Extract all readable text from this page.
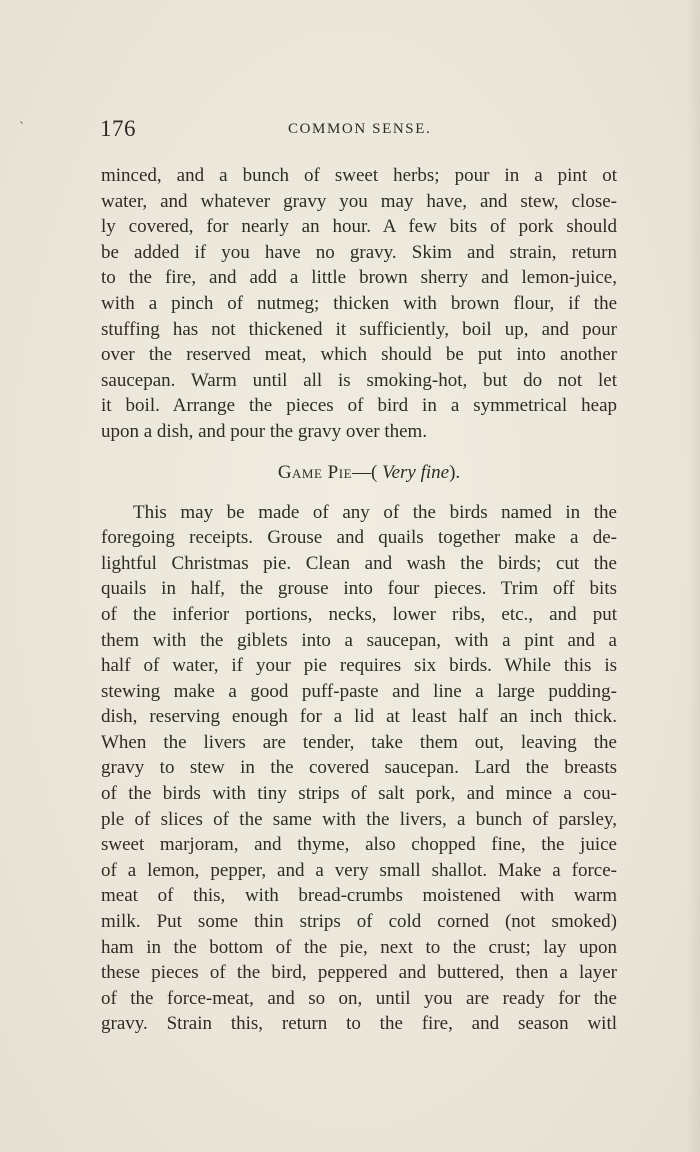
176	COMMON SENSE.
minced, and a bunch of sweet herbs; pour in a pint ot
water, and whatever gravy you may have, and stew, close-
ly covered, for nearly an hour. A few bits of pork should
be added if you have no gravy. Skim and strain, return
to the fire, and add a little brown sherry and lemon-juice,
with a pinch of nutmeg; thicken with brown flour, if the
stuffing has not thickened it sufficiently, boil up, and pour
over the reserved meat, which should be put into another
saucepan. Warm until all is smoking-hot, but do not let
it boil. Arrange the pieces of bird in a symmetrical heap
upon a dish, and pour the gravy over them.
Game Pie—( Very fine).
This may be made of any of the birds named in the
foregoing receipts. Grouse and quails together make a de-
lightful Christmas pie. Clean and wash the birds; cut the
quails in half, the grouse into four pieces. Trim off bits
of the inferior portions, necks, lower ribs, etc., and put
them with the giblets into a saucepan, with a pint and a
half of water, if your pie requires six birds. While this is
stewing make a good puff-paste and line a large pudding-
dish, reserving enough for a lid at least half an inch thick.
When the livers are tender, take them out, leaving the
gravy to stew in the covered saucepan. Lard the breasts
of the birds with tiny strips of salt pork, and mince a cou-
ple of slices of the same with the livers, a bunch of parsley,
sweet marjoram, and thyme, also chopped fine, the juice
of a lemon, pepper, and a very small shallot. Make a force-
meat of this, with bread-crumbs moistened with warm
milk. Put some thin strips of cold corned (not smoked)
ham in the bottom of the pie, next to the crust; lay upon
these pieces of the bird, peppered and buttered, then a layer
of the force-meat, and so on, until you are ready for the
gravy. Strain this, return to the fire, and season witl
